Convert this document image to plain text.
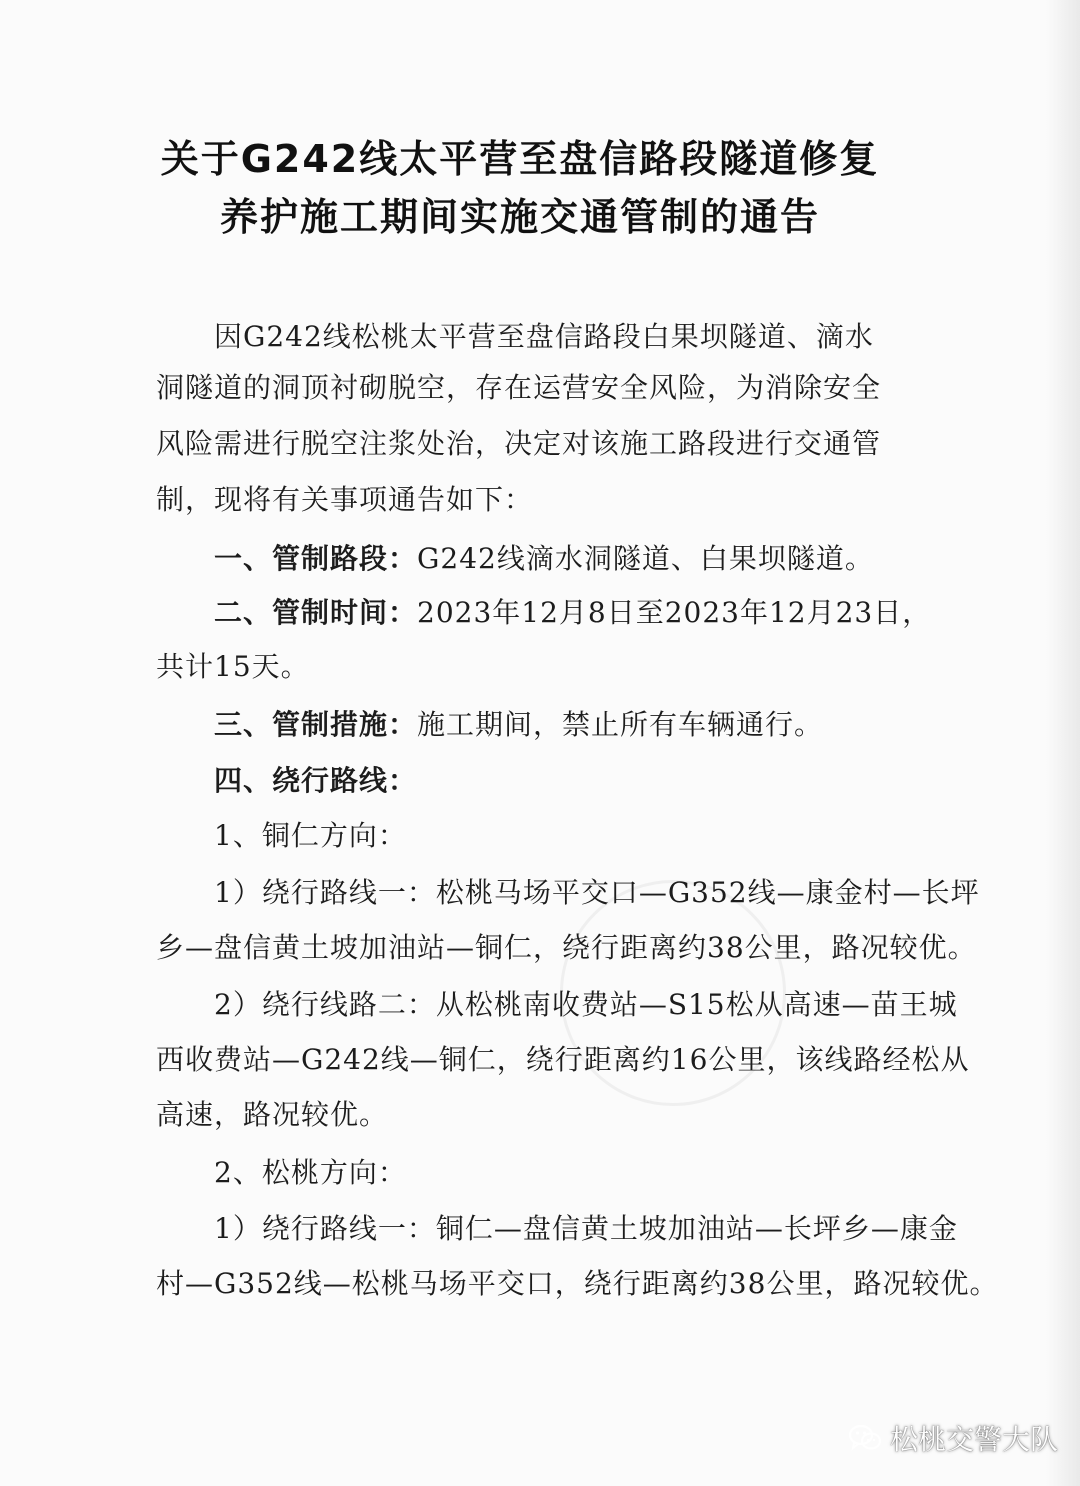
关于G242线太平营至盘信路段隧道修复
养护施工期间实施交通管制的通告
因G242线松桃太平营至盘信路段白果坝隧道、滴水
洞隧道的洞顶衬砌脱空，存在运营安全风险，为消除安全
风险需进行脱空注浆处治，决定对该施工路段进行交通管
制，现将有关事项通告如下：
一、管制路段：G242线滴水洞隧道、白果坝隧道。
二、管制时间：2023年12月8日至2023年12月23日，
共计15天。
三、管制措施：施工期间，禁止所有车辆通行。
四、绕行路线：
1、铜仁方向：
1）绕行路线一：松桃马场平交口—G352线—康金村—长坪
乡—盘信黄土坡加油站—铜仁，绕行距离约38公里，路况较优。
2）绕行线路二：从松桃南收费站—S15松从高速—苗王城
西收费站—G242线—铜仁，绕行距离约16公里，该线路经松从
高速，路况较优。
2、松桃方向：
1）绕行路线一：铜仁—盘信黄土坡加油站—长坪乡—康金
村—G352线—松桃马场平交口，绕行距离约38公里，路况较优。
松桃交警大队
